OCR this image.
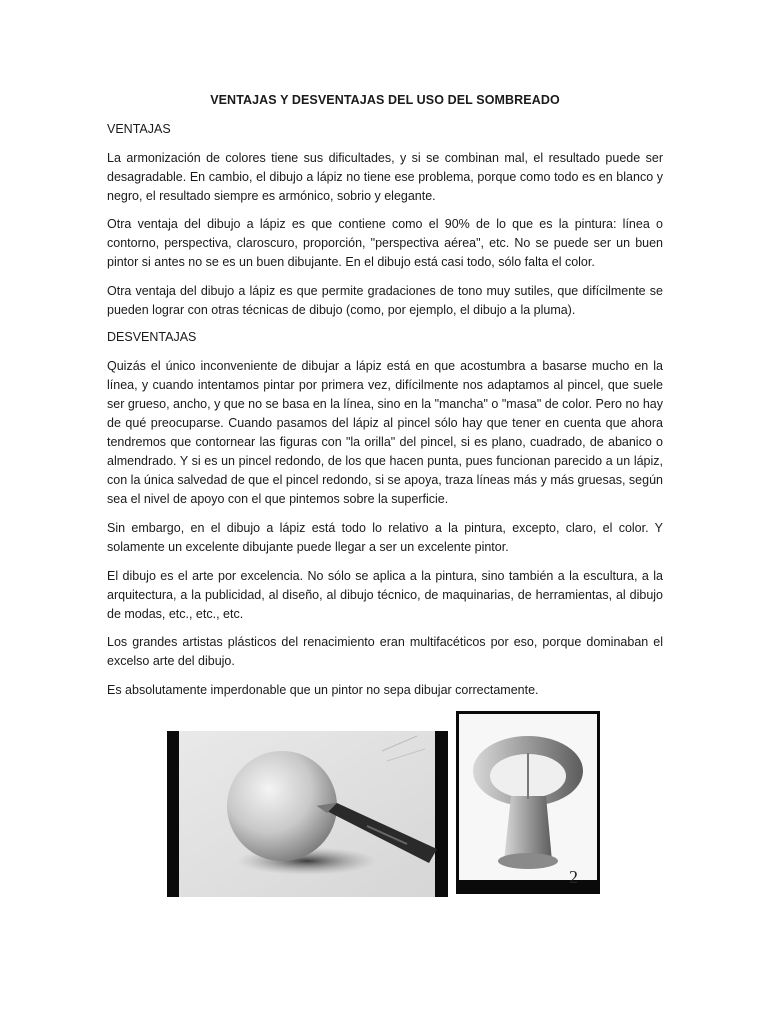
VENTAJAS Y DESVENTAJAS DEL USO DEL SOMBREADO
VENTAJAS

La armonización de colores tiene sus dificultades, y si se combinan mal, el resultado puede ser desagradable. En cambio, el dibujo a lápiz no tiene ese problema, porque como todo es en blanco y negro, el resultado siempre es armónico, sobrio y elegante.

Otra ventaja del dibujo a lápiz es que contiene como el 90% de lo que es la pintura: línea o contorno, perspectiva, claroscuro, proporción, "perspectiva aérea", etc. No se puede ser un buen pintor si antes no se es un buen dibujante. En el dibujo está casi todo, sólo falta el color.

Otra ventaja del dibujo a lápiz es que permite gradaciones de tono muy sutiles, que difícilmente se pueden lograr con otras técnicas de dibujo (como, por ejemplo, el dibujo a la pluma).

DESVENTAJAS

Quizás el único inconveniente de dibujar a lápiz está en que acostumbra a basarse mucho en la línea, y cuando intentamos pintar por primera vez, difícilmente nos adaptamos al pincel, que suele ser grueso, ancho, y que no se basa en la línea, sino en la "mancha" o "masa" de color. Pero no hay de qué preocuparse. Cuando pasamos del lápiz al pincel sólo hay que tener en cuenta que ahora tendremos que contornear las figuras con "la orilla" del pincel, si es plano, cuadrado, de abanico o almendrado. Y si es un pincel redondo, de los que hacen punta, pues funcionan parecido a un lápiz, con la única salvedad de que el pincel redondo, si se apoya, traza líneas más y más gruesas, según sea el nivel de apoyo con el que pintemos sobre la superficie.

Sin embargo, en el dibujo a lápiz está todo lo relativo a la pintura, excepto, claro, el color. Y solamente un excelente dibujante puede llegar a ser un excelente pintor.

El dibujo es el arte por excelencia. No sólo se aplica a la pintura, sino también a la escultura, a la arquitectura, a la publicidad, al diseño, al dibujo técnico, de maquinarias, de herramientas, al dibujo de modas, etc., etc., etc.

Los grandes artistas plásticos del renacimiento eran multifacéticos por eso, porque dominaban el excelso arte del dibujo.

Es absolutamente imperdonable que un pintor no sepa dibujar correctamente.

2
